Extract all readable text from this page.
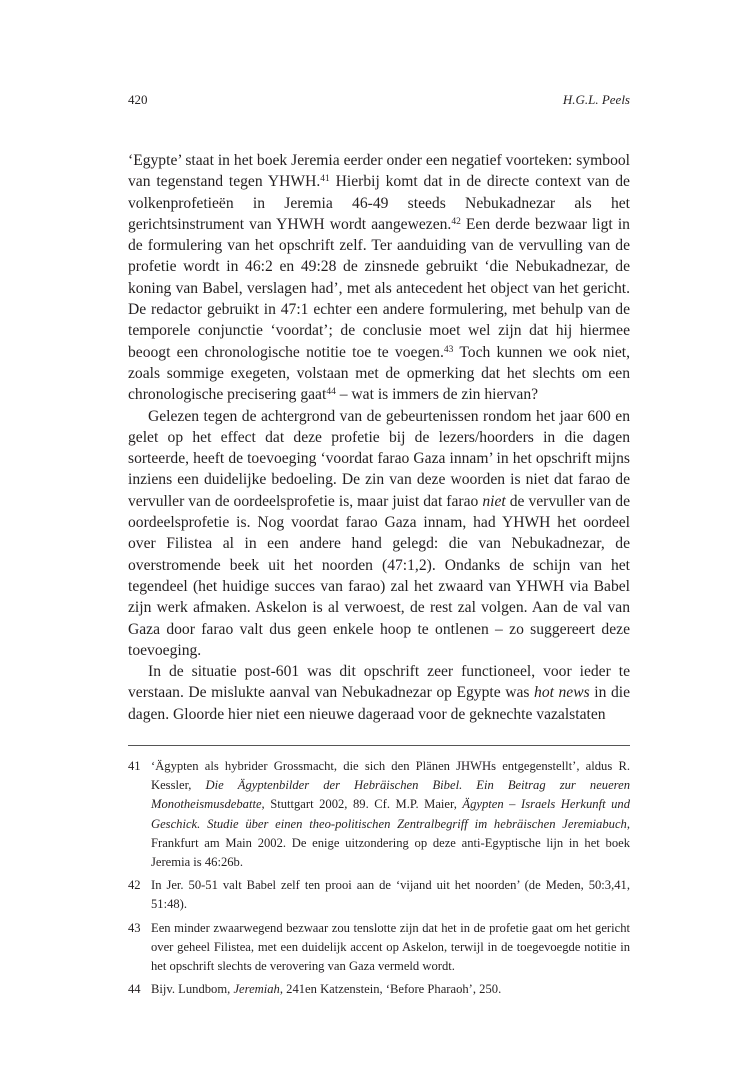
420	H.G.L. Peels

‘Egypte’ staat in het boek Jeremia eerder onder een negatief voorteken: symbool van tegenstand tegen YHWH.$^{41}$ Hierbij komt dat in de directe context van de volkenprofetieën in Jeremia 46-49 steeds Nebukadnezar als het gerichtsinstrument van YHWH wordt aangewezen.$^{42}$ Een derde bezwaar ligt in de formulering van het opschrift zelf. Ter aanduiding van de vervulling van de profetie wordt in 46:2 en 49:28 de zinsnede gebruikt ‘die Nebukadnezar, de koning van Babel, verslagen had’, met als antecedent het object van het gericht. De redactor gebruikt in 47:1 echter een andere formulering, met behulp van de temporele conjunctie ‘voordat’; de conclusie moet wel zijn dat hij hiermee beoogt een chronologische notitie toe te voegen.$^{43}$ Toch kunnen we ook niet, zoals sommige exegeten, volstaan met de opmerking dat het slechts om een chronologische precisering gaat$^{44}$ – wat is immers de zin hiervan?

Gelezen tegen de achtergrond van de gebeurtenissen rondom het jaar 600 en gelet op het effect dat deze profetie bij de lezers/hoorders in die dagen sorteerde, heeft de toevoeging ‘voordat farao Gaza innam’ in het opschrift mijns inziens een duidelijke bedoeling. De zin van deze woorden is niet dat farao de vervuller van de oordeelsprofetie is, maar juist dat farao niet de vervuller van de oordeelsprofetie is. Nog voordat farao Gaza innam, had YHWH het oordeel over Filistea al in een andere hand gelegd: die van Nebukadnezar, de overstromende beek uit het noorden (47:1,2). Ondanks de schijn van het tegendeel (het huidige succes van farao) zal het zwaard van YHWH via Babel zijn werk afmaken. Askelon is al verwoest, de rest zal volgen. Aan de val van Gaza door farao valt dus geen enkele hoop te ontlenen – zo suggereert deze toevoeging.

In de situatie post-601 was dit opschrift zeer functioneel, voor ieder te verstaan. De mislukte aanval van Nebukadnezar op Egypte was hot news in die dagen. Gloorde hier niet een nieuwe dageraad voor de geknechte vazalstaten

41 ‘Ägypten als hybrider Grossmacht, die sich den Plänen JHWHs entgegenstellt’, aldus R. Kessler, Die Ägyptenbilder der Hebräischen Bibel. Ein Beitrag zur neueren Monotheismusdebatte, Stuttgart 2002, 89. Cf. M.P. Maier, Ägypten – Israels Herkunft und Geschick. Studie über einen theo-politischen Zentralbegriff im hebräischen Jeremiabuch, Frankfurt am Main 2002. De enige uitzondering op deze anti-Egyptische lijn in het boek Jeremia is 46:26b.
42 In Jer. 50-51 valt Babel zelf ten prooi aan de ‘vijand uit het noorden’ (de Meden, 50:3,41, 51:48).
43 Een minder zwaarwegend bezwaar zou tenslotte zijn dat het in de profetie gaat om het gericht over geheel Filistea, met een duidelijk accent op Askelon, terwijl in de toegevoegde notitie in het opschrift slechts de verovering van Gaza vermeld wordt.
44 Bijv. Lundbom, Jeremiah, 241en Katzenstein, ‘Before Pharaoh’, 250.
